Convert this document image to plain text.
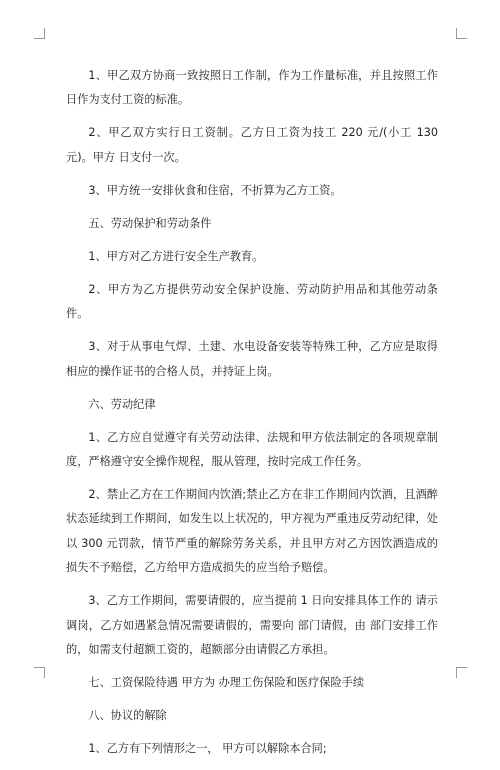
1、甲乙双方协商一致按照日工作制，作为工作量标准，并且按照工作日作为支付工资的标准。

2、甲乙双方实行日工资制。乙方日工资为技工 220 元/(小工 130 元)。甲方 日支付一次。

3、甲方统一安排伙食和住宿，不折算为乙方工资。

五、劳动保护和劳动条件

1、甲方对乙方进行安全生产教育。

2、甲方为乙方提供劳动安全保护设施、劳动防护用品和其他劳动条件。

3、对于从事电气焊、土建、水电设备安装等特殊工种，乙方应是取得相应的操作证书的合格人员，并持证上岗。

六、劳动纪律

1、乙方应自觉遵守有关劳动法律、法规和甲方依法制定的各项规章制度，严格遵守安全操作规程，服从管理，按时完成工作任务。

2、禁止乙方在工作期间内饮酒;禁止乙方在非工作期间内饮酒，且酒醉状态延续到工作期间，如发生以上状况的，甲方视为严重违反劳动纪律，处以 300 元罚款，情节严重的解除劳务关系，并且甲方对乙方因饮酒造成的损失不予赔偿，乙方给甲方造成损失的应当给予赔偿。

3、乙方工作期间，需要请假的，应当提前 1 日向安排具体工作的 请示调岗，乙方如遇紧急情况需要请假的，需要向 部门请假，由 部门安排工作的，如需支付超额工资的，超额部分由请假乙方承担。

七、工资保险待遇 甲方为 办理工伤保险和医疗保险手续

八、协议的解除

1、乙方有下列情形之一， 甲方可以解除本合同;
